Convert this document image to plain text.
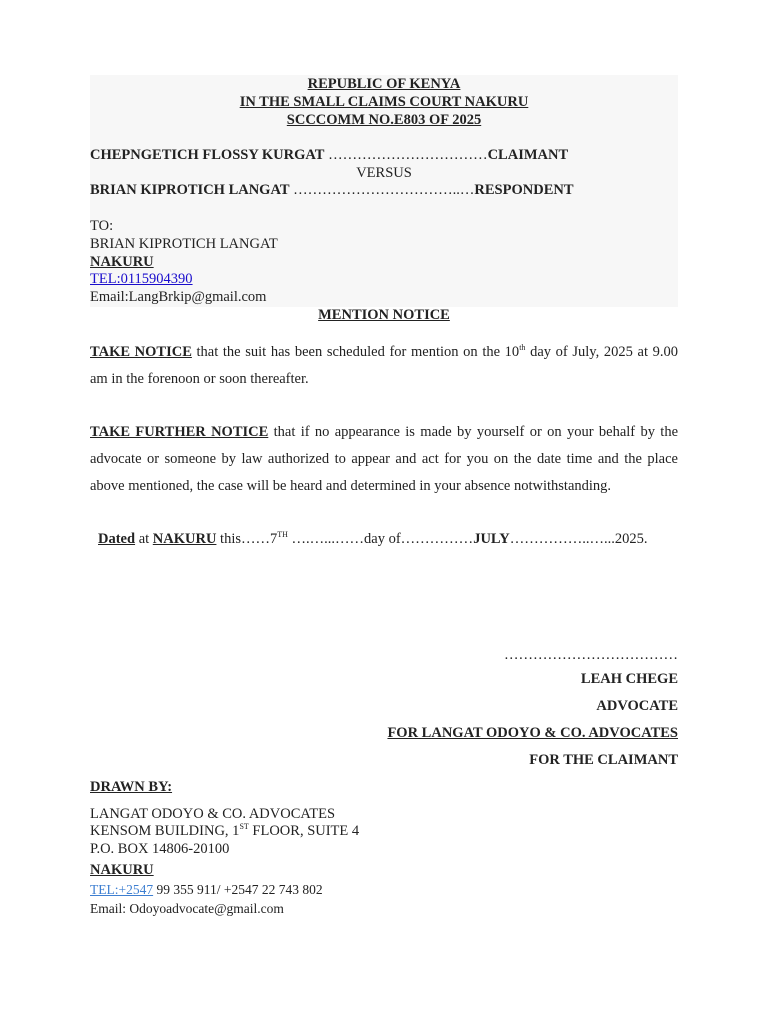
REPUBLIC OF KENYA
IN THE SMALL CLAIMS COURT NAKURU
SCCCOMM NO.E803 OF 2025
CHEPNGETICH FLOSSY KURGAT ……………………………CLAIMANT
VERSUS
BRIAN KIPROTICH LANGAT ……………………………..…RESPONDENT
TO:
BRIAN KIPROTICH LANGAT
NAKURU
TEL:0115904390
Email:LangBrkip@gmail.com
MENTION NOTICE
TAKE NOTICE that the suit has been scheduled for mention on the 10th day of July, 2025 at 9.00 am in the forenoon or soon thereafter.
TAKE FURTHER NOTICE that if no appearance is made by yourself or on your behalf by the advocate or someone by law authorized to appear and act for you on the date time and the place above mentioned, the case will be heard and determined in your absence notwithstanding.
Dated at NAKURU this……7TH ….…...……day of……………JULY……………..…...2025.
………………………………
LEAH CHEGE
ADVOCATE
FOR LANGAT ODOYO & CO. ADVOCATES
FOR THE CLAIMANT
DRAWN BY:
LANGAT ODOYO & CO. ADVOCATES
KENSOM BUILDING, 1ST FLOOR, SUITE 4
P.O. BOX 14806-20100
NAKURU
TEL:+2547 99 355 911/ +2547 22 743 802
Email: Odoyoadvocate@gmail.com
